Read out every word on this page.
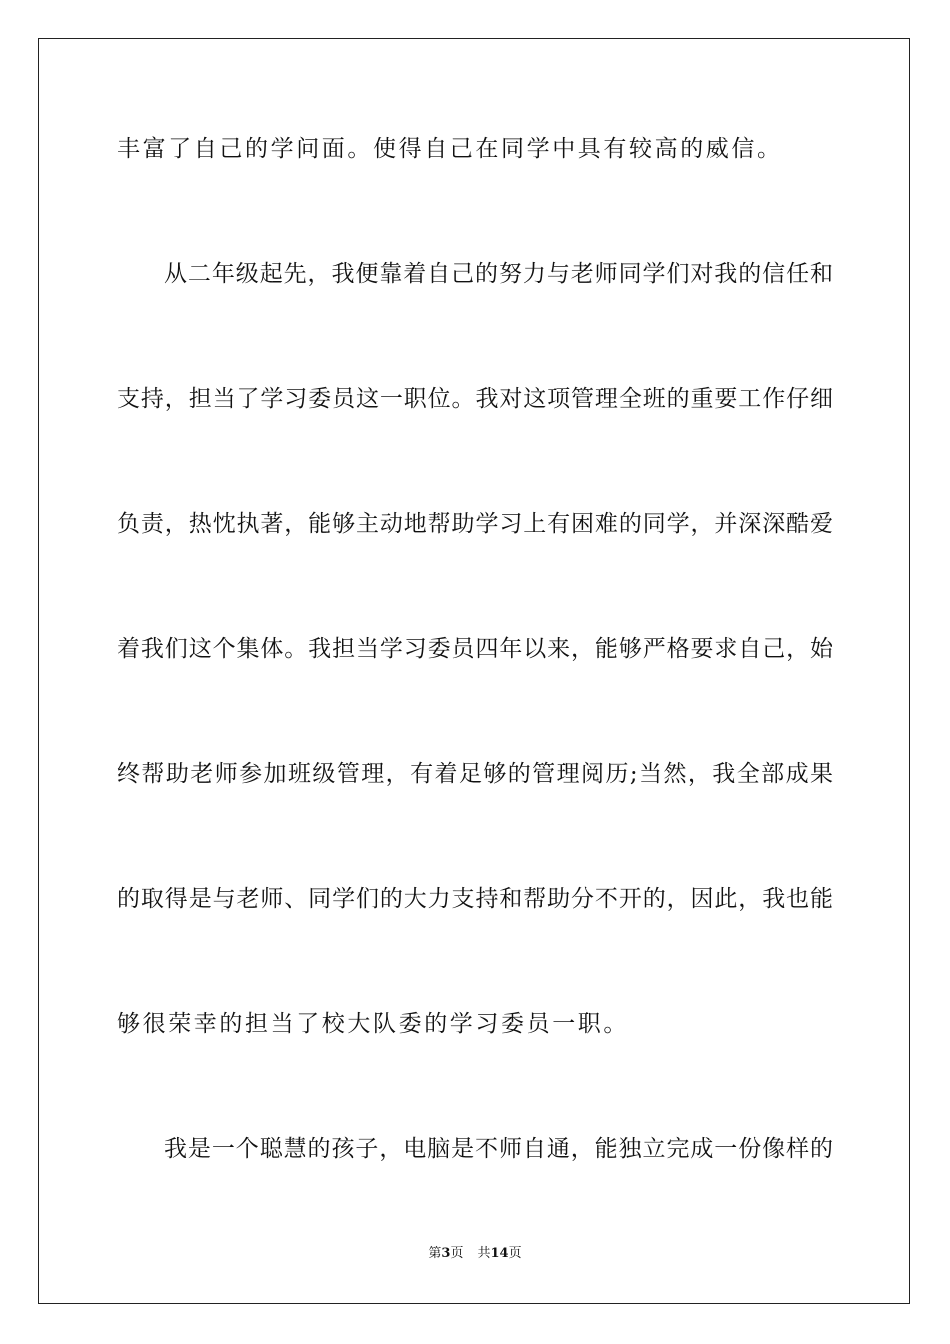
丰富了自己的学问面。使得自己在同学中具有较高的威信。
从二年级起先，我便靠着自己的努力与老师同学们对我的信任和
支持，担当了学习委员这一职位。我对这项管理全班的重要工作仔细
负责，热忱执著，能够主动地帮助学习上有困难的同学，并深深酷爱
着我们这个集体。我担当学习委员四年以来，能够严格要求自己，始
终帮助老师参加班级管理，有着足够的管理阅历;当然，我全部成果
的取得是与老师、同学们的大力支持和帮助分不开的，因此，我也能
够很荣幸的担当了校大队委的学习委员一职。
我是一个聪慧的孩子，电脑是不师自通，能独立完成一份像样的
第3页 共14页
